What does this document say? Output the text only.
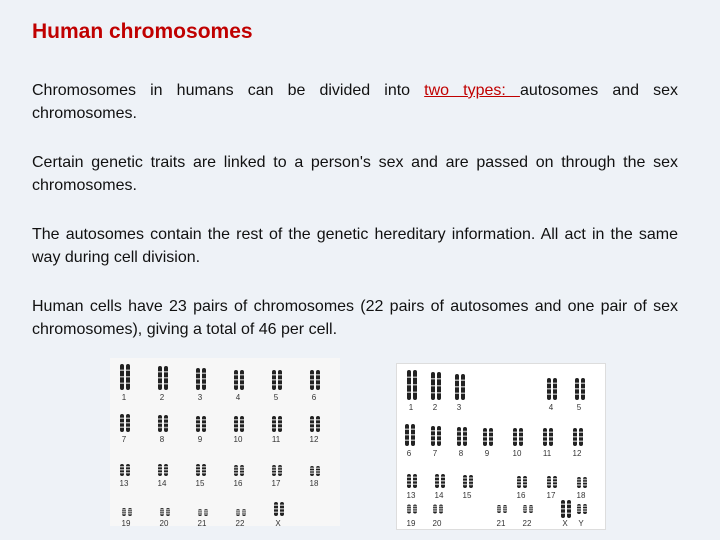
Human chromosomes

Chromosomes in humans can be divided into two types: autosomes and sex chromosomes.

Certain genetic traits are linked to a person's sex and are passed on through the sex chromosomes.

The autosomes contain the rest of the genetic hereditary information. All act in the same way during cell division.

Human cells have 23 pairs of chromosomes (22 pairs of autosomes and one pair of sex chromosomes), giving a total of 46 per cell.

1	2	3	4	5	6
7	8	9	10	11	12
13	14	15	16	17	18
19	20	21	22	X
1 2 3	4	5
6	7	8	9	10	11	12
13 14 15	16	17	18
19 20	21 22	X Y
